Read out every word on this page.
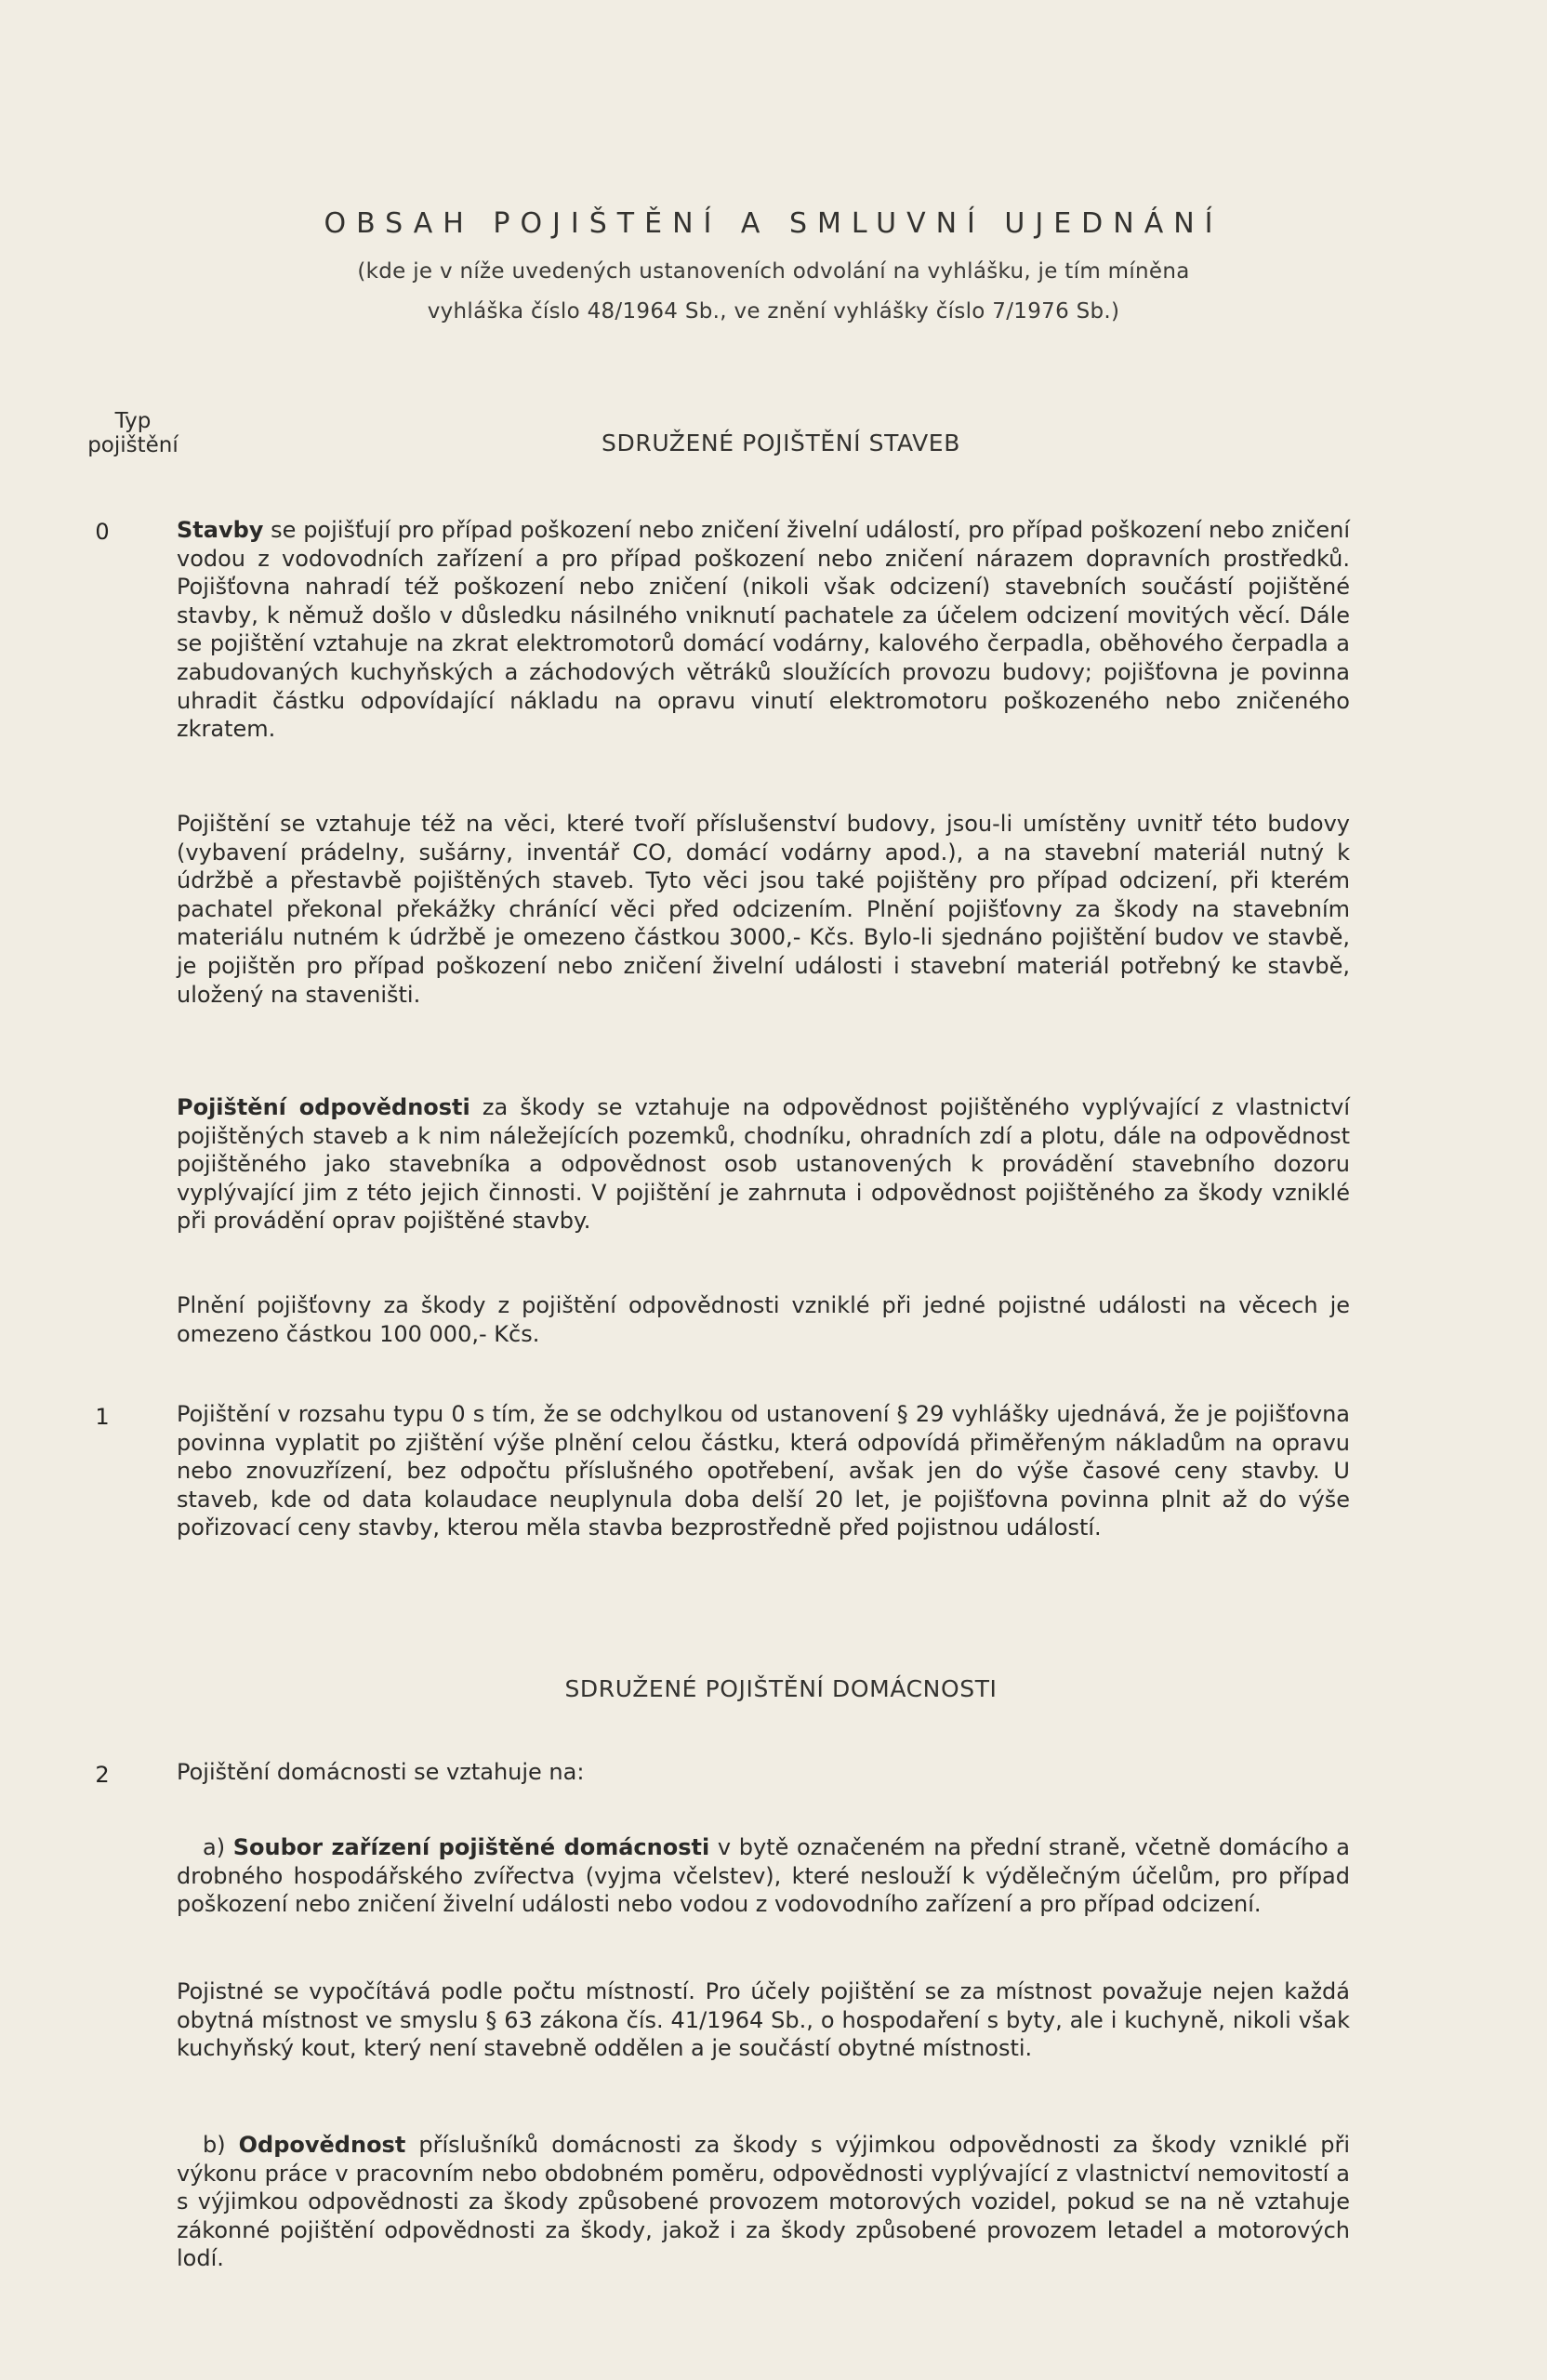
OBSAH POJIŠTĚNÍ A SMLUVNÍ UJEDNÁNÍ
(kde je v níže uvedených ustanoveních odvolání na vyhlášku, je tím míněna
vyhláška číslo 48/1964 Sb., ve znění vyhlášky číslo 7/1976 Sb.)
Typ
pojištění	SDRUŽENÉ POJIŠTĚNÍ STAVEB
0	Stavby se pojišťují pro případ poškození nebo zničení živelní událostí, pro případ poškození nebo zničení vodou z vodovodních zařízení a pro případ poškození nebo zničení nárazem dopravních prostředků. Pojišťovna nahradí též poškození nebo zničení (nikoli však odcizení) stavebních součástí pojištěné stavby, k němuž došlo v důsledku násilného vniknutí pachatele za účelem odcizení movitých věcí. Dále se pojištění vztahuje na zkrat elektromotorů domácí vodárny, kalového čerpadla, oběhového čerpadla a zabudovaných kuchyňských a záchodových větráků sloužících provozu budovy; pojišťovna je povinna uhradit částku odpovídající nákladu na opravu vinutí elektromotoru poškozeného nebo zničeného zkratem.
Pojištění se vztahuje též na věci, které tvoří příslušenství budovy, jsou-li umístěny uvnitř této budovy (vybavení prádelny, sušárny, inventář CO, domácí vodárny apod.), a na stavební materiál nutný k údržbě a přestavbě pojištěných staveb. Tyto věci jsou také pojištěny pro případ odcizení, při kterém pachatel překonal překážky chránící věci před odcizením. Plnění pojišťovny za škody na stavebním materiálu nutném k údržbě je omezeno částkou 3000,- Kčs. Bylo-li sjednáno pojištění budov ve stavbě, je pojištěn pro případ poškození nebo zničení živelní události i stavební materiál potřebný ke stavbě, uložený na staveništi.
Pojištění odpovědnosti za škody se vztahuje na odpovědnost pojištěného vyplývající z vlastnictví pojištěných staveb a k nim náležejících pozemků, chodníku, ohradních zdí a plotu, dále na odpovědnost pojištěného jako stavebníka a odpovědnost osob ustanovených k provádění stavebního dozoru vyplývající jim z této jejich činnosti. V pojištění je zahrnuta i odpovědnost pojištěného za škody vzniklé při provádění oprav pojištěné stavby.
Plnění pojišťovny za škody z pojištění odpovědnosti vzniklé při jedné pojistné události na věcech je omezeno částkou 100 000,- Kčs.
1	Pojištění v rozsahu typu 0 s tím, že se odchylkou od ustanovení § 29 vyhlášky ujednává, že je pojišťovna povinna vyplatit po zjištění výše plnění celou částku, která odpovídá přiměřeným nákladům na opravu nebo znovuzřízení, bez odpočtu příslušného opotřebení, avšak jen do výše časové ceny stavby. U staveb, kde od data kolaudace neuplynula doba delší 20 let, je pojišťovna povinna plnit až do výše pořizovací ceny stavby, kterou měla stavba bezprostředně před pojistnou událostí.
SDRUŽENÉ POJIŠTĚNÍ DOMÁCNOSTI
2	Pojištění domácnosti se vztahuje na:
a) Soubor zařízení pojištěné domácnosti v bytě označeném na přední straně, včetně domácího a drobného hospodářského zvířectva (vyjma včelstev), které neslouží k výdělečným účelům, pro případ poškození nebo zničení živelní události nebo vodou z vodovodního zařízení a pro případ odcizení.
Pojistné se vypočítává podle počtu místností. Pro účely pojištění se za místnost považuje nejen každá obytná místnost ve smyslu § 63 zákona čís. 41/1964 Sb., o hospodaření s byty, ale i kuchyně, nikoli však kuchyňský kout, který není stavebně oddělen a je součástí obytné místnosti.
b) Odpovědnost příslušníků domácnosti za škody s výjimkou odpovědnosti za škody vzniklé při výkonu práce v pracovním nebo obdobném poměru, odpovědnosti vyplývající z vlastnictví nemovitostí a s výjimkou odpovědnosti za škody způsobené provozem motorových vozidel, pokud se na ně vztahuje zákonné pojištění odpovědnosti za škody, jakož i za škody způsobené provozem letadel a motorových lodí.
